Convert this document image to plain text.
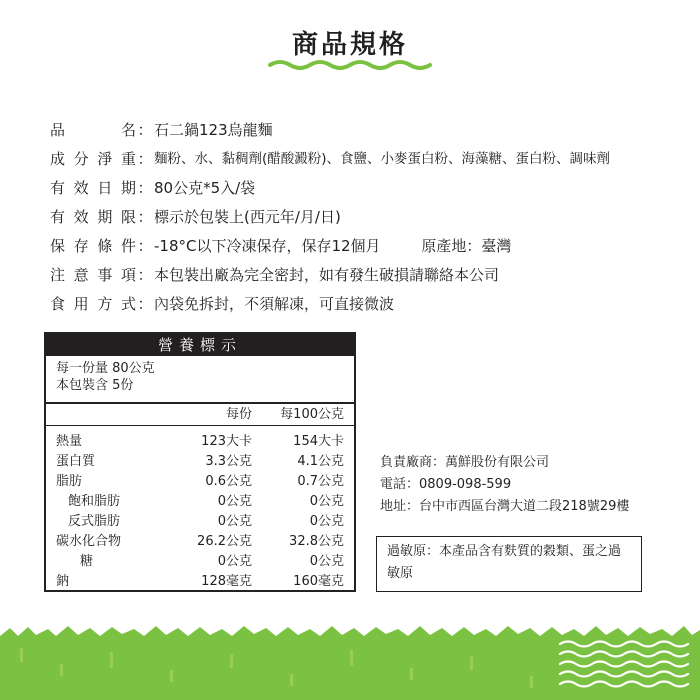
商品規格
品	名 ： 石二鍋123烏龍麵
成 分 淨 重 ： 麵粉、水、黏稠劑(醋酸澱粉)、食鹽、小麥蛋白粉、海藻糖、蛋白粉、調味劑
有 效 日 期 ： 80公克*5入/袋
有 效 期 限 ： 標示於包裝上(西元年/月/日)
保 存 條 件 ： -18°C以下冷凍保存，保存12個月	原產地：臺灣
注 意 事 項 ： 本包裝出廠為完全密封，如有發生破損請聯絡本公司
食 用 方 式 ： 內袋免拆封，不須解凍，可直接微波
營養標示
每一份量 80公克
本包裝含 5份
每份	每100公克
熱量	123大卡	154大卡
蛋白質	3.3公克	4.1公克
脂肪	0.6公克	0.7公克
飽和脂肪	0公克	0公克
反式脂肪	0公克	0公克
碳水化合物	26.2公克	32.8公克
糖	0公克	0公克
鈉	128毫克	160毫克
負責廠商：萬鮮股份有限公司
電話：0809-098-599
地址：台中市西區台灣大道二段218號29樓
過敏原：本產品含有麩質的穀類、蛋之過敏原
